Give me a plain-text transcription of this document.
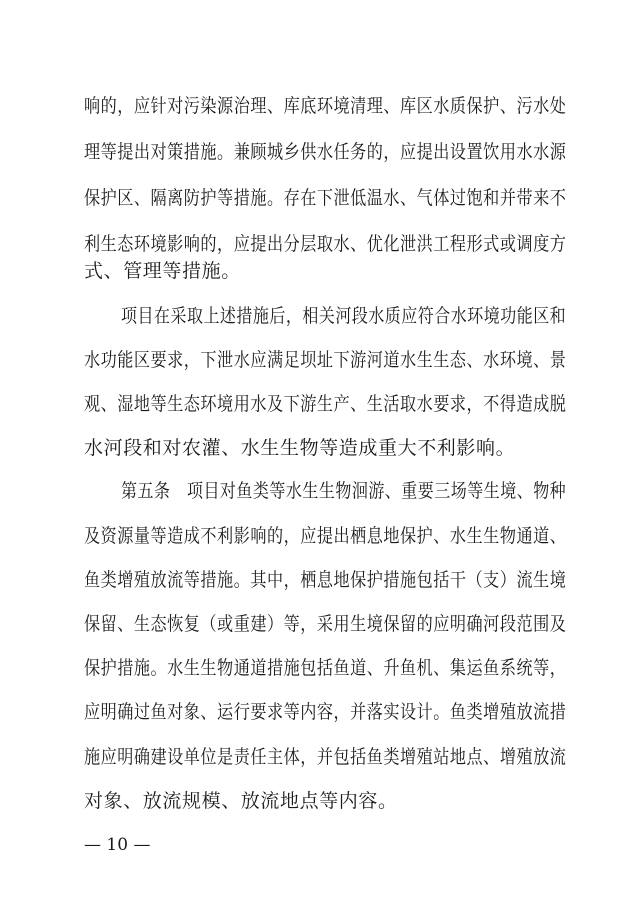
响的，应针对污染源治理、库底环境清理、库区水质保护、污水处
理等提出对策措施。兼顾城乡供水任务的，应提出设置饮用水水源
保护区、隔离防护等措施。存在下泄低温水、气体过饱和并带来不
利生态环境影响的，应提出分层取水、优化泄洪工程形式或调度方
式、管理等措施。
项目在采取上述措施后，相关河段水质应符合水环境功能区和
水功能区要求，下泄水应满足坝址下游河道水生生态、水环境、景
观、湿地等生态环境用水及下游生产、生活取水要求，不得造成脱
水河段和对农灌、水生生物等造成重大不利影响。
第五条　项目对鱼类等水生生物洄游、重要三场等生境、物种
及资源量等造成不利影响的，应提出栖息地保护、水生生物通道、
鱼类增殖放流等措施。其中，栖息地保护措施包括干（支）流生境
保留、生态恢复（或重建）等，采用生境保留的应明确河段范围及
保护措施。水生生物通道措施包括鱼道、升鱼机、集运鱼系统等，
应明确过鱼对象、运行要求等内容，并落实设计。鱼类增殖放流措
施应明确建设单位是责任主体，并包括鱼类增殖站地点、增殖放流
对象、放流规模、放流地点等内容。
— 10 —
